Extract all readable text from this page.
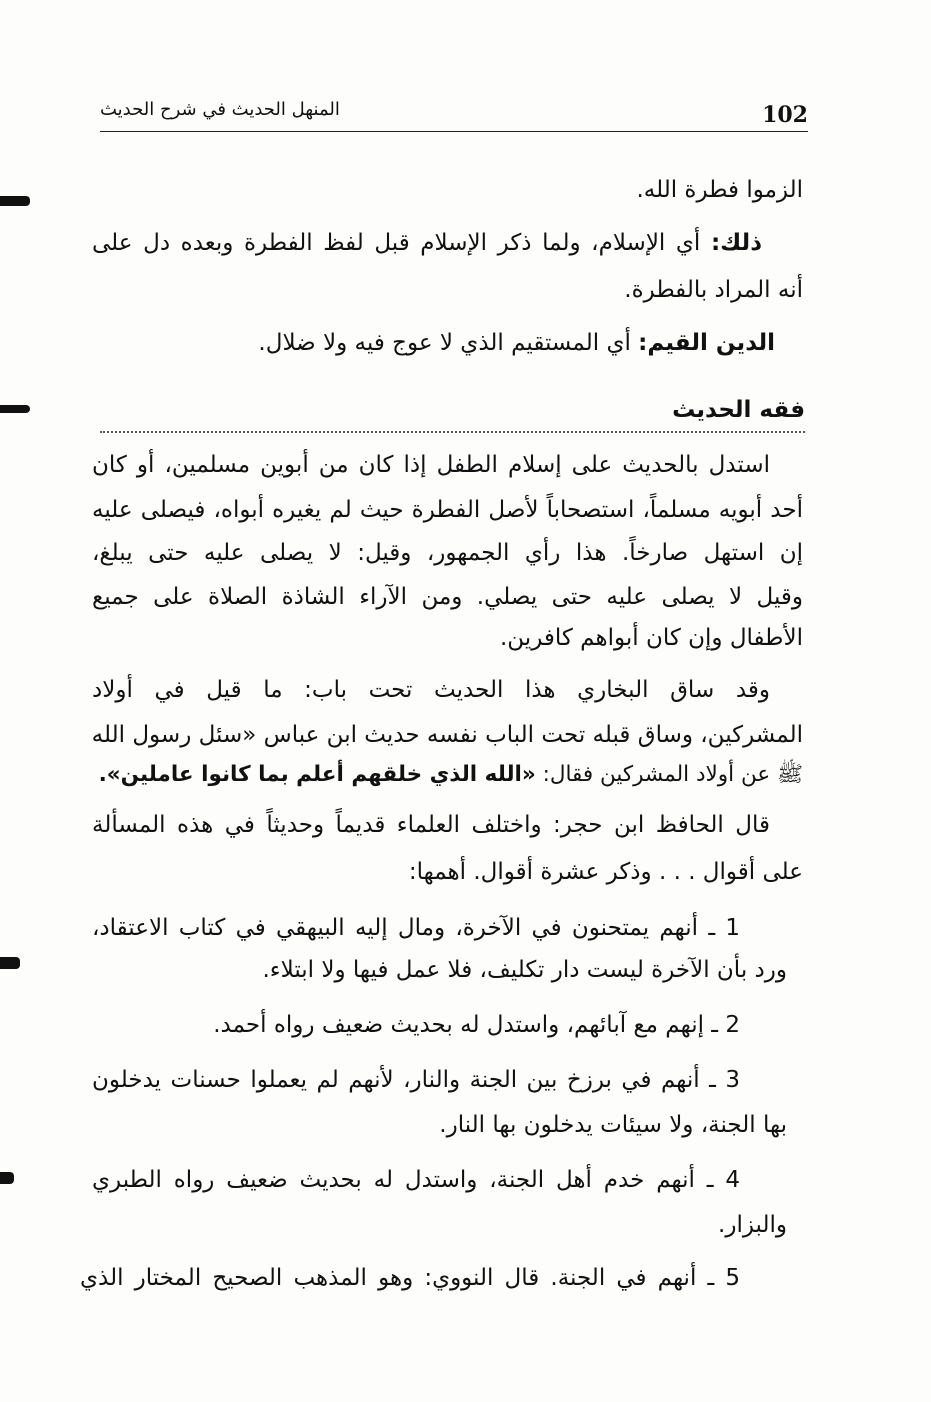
المنهل الحديث في شرح الحديث	102
الزموا فطرة الله.
ذلك: أي الإسلام، ولما ذكر الإسلام قبل لفظ الفطرة وبعده دل على
أنه المراد بالفطرة.
الدين القيم: أي المستقيم الذي لا عوج فيه ولا ضلال.
فقه الحديث
استدل بالحديث على إسلام الطفل إذا كان من أبوين مسلمين، أو كان
أحد أبويه مسلماً، استصحاباً لأصل الفطرة حيث لم يغيره أبواه، فيصلى عليه
إن استهل صارخاً. هذا رأي الجمهور، وقيل: لا يصلى عليه حتى يبلغ،
وقيل لا يصلى عليه حتى يصلي. ومن الآراء الشاذة الصلاة على جميع
الأطفال وإن كان أبواهم كافرين.
وقد ساق البخاري هذا الحديث تحت باب: ما قيل في أولاد
المشركين، وساق قبله تحت الباب نفسه حديث ابن عباس «سئل رسول الله
ﷺ عن أولاد المشركين فقال: «الله الذي خلقهم أعلم بما كانوا عاملين».
قال الحافظ ابن حجر: واختلف العلماء قديماً وحديثاً في هذه المسألة
على أقوال . . . وذكر عشرة أقوال. أهمها:
1 ـ أنهم يمتحنون في الآخرة، ومال إليه البيهقي في كتاب الاعتقاد،
ورد بأن الآخرة ليست دار تكليف، فلا عمل فيها ولا ابتلاء.
2 ـ إنهم مع آبائهم، واستدل له بحديث ضعيف رواه أحمد.
3 ـ أنهم في برزخ بين الجنة والنار، لأنهم لم يعملوا حسنات يدخلون
بها الجنة، ولا سيئات يدخلون بها النار.
4 ـ أنهم خدم أهل الجنة، واستدل له بحديث ضعيف رواه الطبري
والبزار.
5 ـ أنهم في الجنة. قال النووي: وهو المذهب الصحيح المختار الذي
